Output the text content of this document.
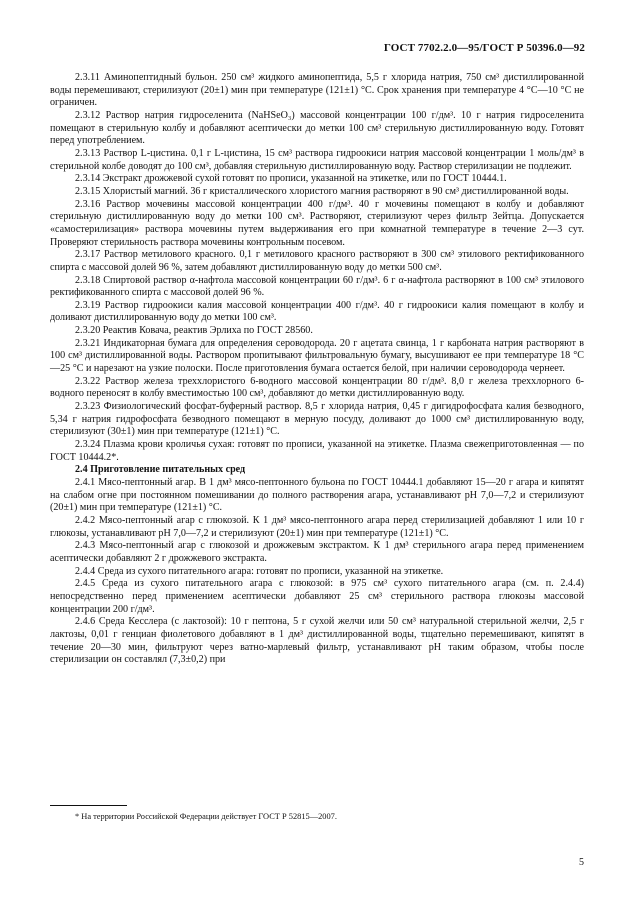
ГОСТ 7702.2.0—95/ГОСТ Р 50396.0—92

2.3.11 Аминопептидный бульон. 250 см³ жидкого аминопептида, 5,5 г хлорида натрия, 750 см³ дистиллированной воды перемешивают, стерилизуют (20±1) мин при температуре (121±1) °С. Срок хранения при температуре 4 °С—10 °С не ограничен.

2.3.12 Раствор натрия гидроселенита (NaHSeO₃) массовой концентрации 100 г/дм³. 10 г натрия гидроселенита помещают в стерильную колбу и добавляют асептически до метки 100 см³ стерильную дистиллированную воду. Готовят перед употреблением.

2.3.13 Раствор L-цистина. 0,1 г L-цистина, 15 см³ раствора гидроокиси натрия массовой концентрации 1 моль/дм³ в стерильной колбе доводят до 100 см³, добавляя стерильную дистиллированную воду. Раствор стерилизации не подлежит.

2.3.14 Экстракт дрожжевой сухой готовят по прописи, указанной на этикетке, или по ГОСТ 10444.1.

2.3.15 Хлористый магний. 36 г кристаллического хлористого магния растворяют в 90 см³ дистиллированной воды.

2.3.16 Раствор мочевины массовой концентрации 400 г/дм³. 40 г мочевины помещают в колбу и добавляют стерильную дистиллированную воду до метки 100 см³. Растворяют, стерилизуют через фильтр Зейтца. Допускается «самостерилизация» раствора мочевины путем выдерживания его при комнатной температуре в течение 2—3 сут. Проверяют стерильность раствора мочевины контрольным посевом.

2.3.17 Раствор метилового красного. 0,1 г метилового красного растворяют в 300 см³ этилового ректификованного спирта с массовой долей 96 %, затем добавляют дистиллированную воду до метки 500 см³.

2.3.18 Спиртовой раствор α-нафтола массовой концентрации 60 г/дм³. 6 г α-нафтола растворяют в 100 см³ этилового ректификованного спирта с массовой долей 96 %.

2.3.19 Раствор гидроокиси калия массовой концентрации 400 г/дм³. 40 г гидроокиси калия помещают в колбу и доливают дистиллированную воду до метки 100 см³.

2.3.20 Реактив Ковача, реактив Эрлиха по ГОСТ 28560.

2.3.21 Индикаторная бумага для определения сероводорода. 20 г ацетата свинца, 1 г карбоната натрия растворяют в 100 см³ дистиллированной воды. Раствором пропитывают фильтровальную бумагу, высушивают ее при температуре 18 °С—25 °С и нарезают на узкие полоски. После приготовления бумага остается белой, при наличии сероводорода чернеет.

2.3.22 Раствор железа треххлористого 6-водного массовой концентрации 80 г/дм³. 8,0 г железа треххлорного 6-водного переносят в колбу вместимостью 100 см³, добавляют до метки дистиллированную воду.

2.3.23 Физиологический фосфат-буферный раствор. 8,5 г хлорида натрия, 0,45 г дигидрофосфата калия безводного, 5,34 г натрия гидрофосфата безводного помещают в мерную посуду, доливают до 1000 см³ дистиллированную воду, стерилизуют (30±1) мин при температуре (121±1) °С.

2.3.24 Плазма крови кроличья сухая: готовят по прописи, указанной на этикетке. Плазма свежеприготовленная — по ГОСТ 10444.2*.

2.4 Приготовление питательных сред

2.4.1 Мясо-пептонный агар. В 1 дм³ мясо-пептонного бульона по ГОСТ 10444.1 добавляют 15—20 г агара и кипятят на слабом огне при постоянном помешивании до полного растворения агара, устанавливают рН 7,0—7,2 и стерилизуют (20±1) мин при температуре (121±1) °С.

2.4.2 Мясо-пептонный агар с глюкозой. К 1 дм³ мясо-пептонного агара перед стерилизацией добавляют 1 или 10 г глюкозы, устанавливают рН 7,0—7,2 и стерилизуют (20±1) мин при температуре (121±1) °С.

2.4.3 Мясо-пептонный агар с глюкозой и дрожжевым экстрактом. К 1 дм³ стерильного агара перед применением асептически добавляют 2 г дрожжевого экстракта.

2.4.4 Среда из сухого питательного агара: готовят по прописи, указанной на этикетке.

2.4.5 Среда из сухого питательного агара с глюкозой: в 975 см³ сухого питательного агара (см. п. 2.4.4) непосредственно перед применением асептически добавляют 25 см³ стерильного раствора глюкозы массовой концентрации 200 г/дм³.

2.4.6 Среда Кесслера (с лактозой): 10 г пептона, 5 г сухой желчи или 50 см³ натуральной стерильной желчи, 2,5 г лактозы, 0,01 г генциан фиолетового добавляют в 1 дм³ дистиллированной воды, тщательно перемешивают, кипятят в течение 20—30 мин, фильтруют через ватно-марлевый фильтр, устанавливают рН таким образом, чтобы после стерилизации он составлял (7,3±0,2) при

* На территории Российской Федерации действует ГОСТ Р 52815—2007.
5
